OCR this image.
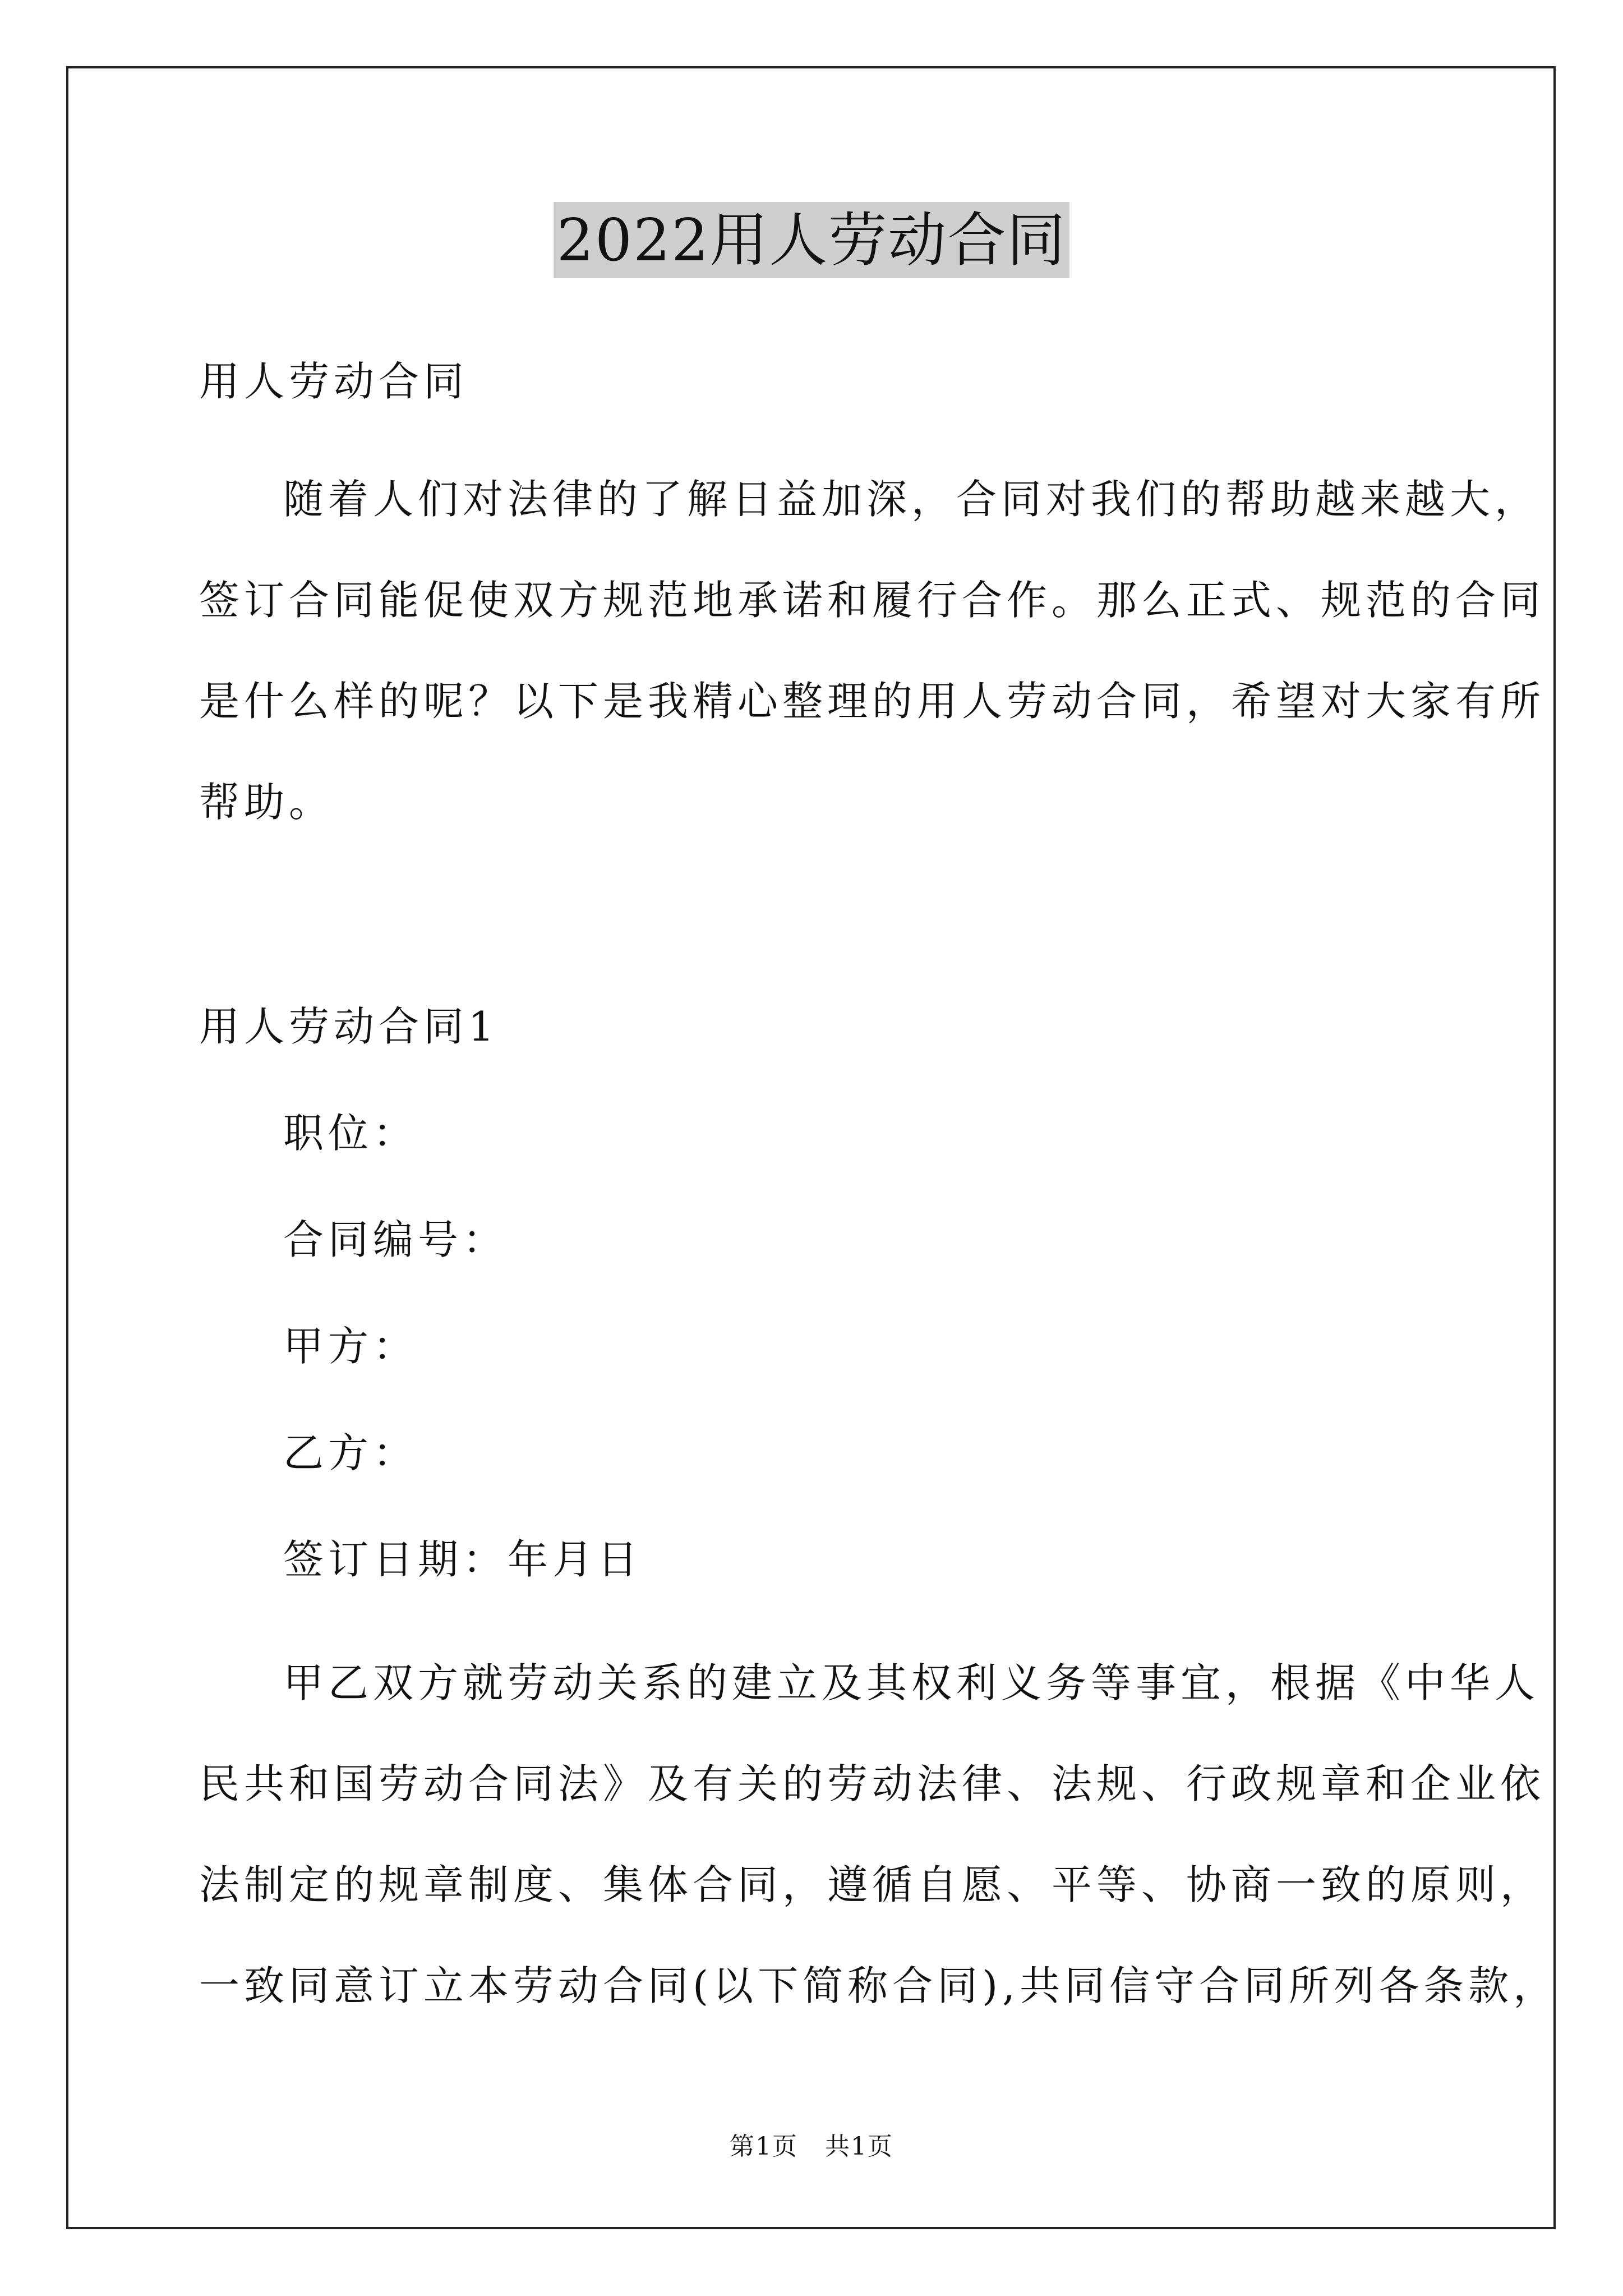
2022用人劳动合同
用人劳动合同
随着人们对法律的了解日益加深，合同对我们的帮助越来越大，
签订合同能促使双方规范地承诺和履行合作。那么正式、规范的合同
是什么样的呢？以下是我精心整理的用人劳动合同，希望对大家有所
帮助。
用人劳动合同1
职位：
合同编号：
甲方：
乙方：
签订日期：年月日
甲乙双方就劳动关系的建立及其权利义务等事宜，根据《中华人
民共和国劳动合同法》及有关的劳动法律、法规、行政规章和企业依
法制定的规章制度、集体合同，遵循自愿、平等、协商一致的原则，
一致同意订立本劳动合同(以下简称合同),共同信守合同所列各条款，
第1页   共1页
